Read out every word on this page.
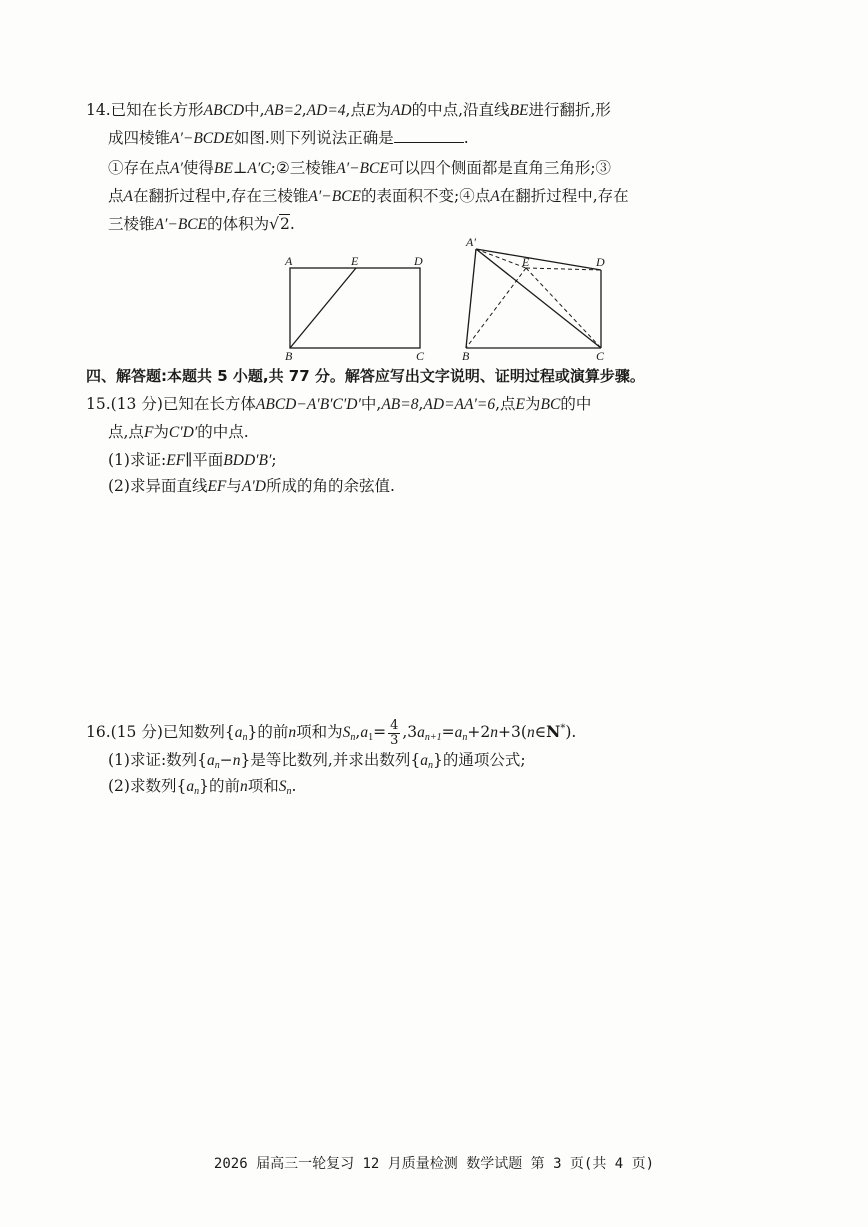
14.已知在长方形ABCD中,AB=2,AD=4,点E为AD的中点,沿直线BE进行翻折,形
成四棱锥A′−BCDE如图.则下列说法正确是	.
①存在点A′使得BE⊥A′C;②三棱锥A′−BCE可以四个侧面都是直角三角形;③
点A在翻折过程中,存在三棱锥A′−BCE的表面积不变;④点A在翻折过程中,存在
三棱锥A′−BCE的体积为√2.
A	E	D
B	C
A′
E	D
B	C
四、解答题:本题共 5 小题,共 77 分。解答应写出文字说明、证明过程或演算步骤。
15.(13 分)已知在长方体ABCD−A′B′C′D′中,AB=8,AD=AA′=6,点E为BC的中
点,点F为C′D′的中点.
(1)求证:EF∥平面BDD′B′;
(2)求异面直线EF与A′D所成的角的余弦值.
16.(15 分)已知数列$\{a_n\}$的前n项和为$S_n,a_1= \frac{4}{3}$ $,3a_{n+1}=a_n+2n+3(n\in N^*)$.
(1)求证:数列$\{a_n-n\}$是等比数列,并求出数列$\{a_n\}$的通项公式;
(2)求数列$\{a_n\}$的前n项和$S_n$.
2026 届高三一轮复习 12 月质量检测 数学试题 第 3 页(共 4 页)
